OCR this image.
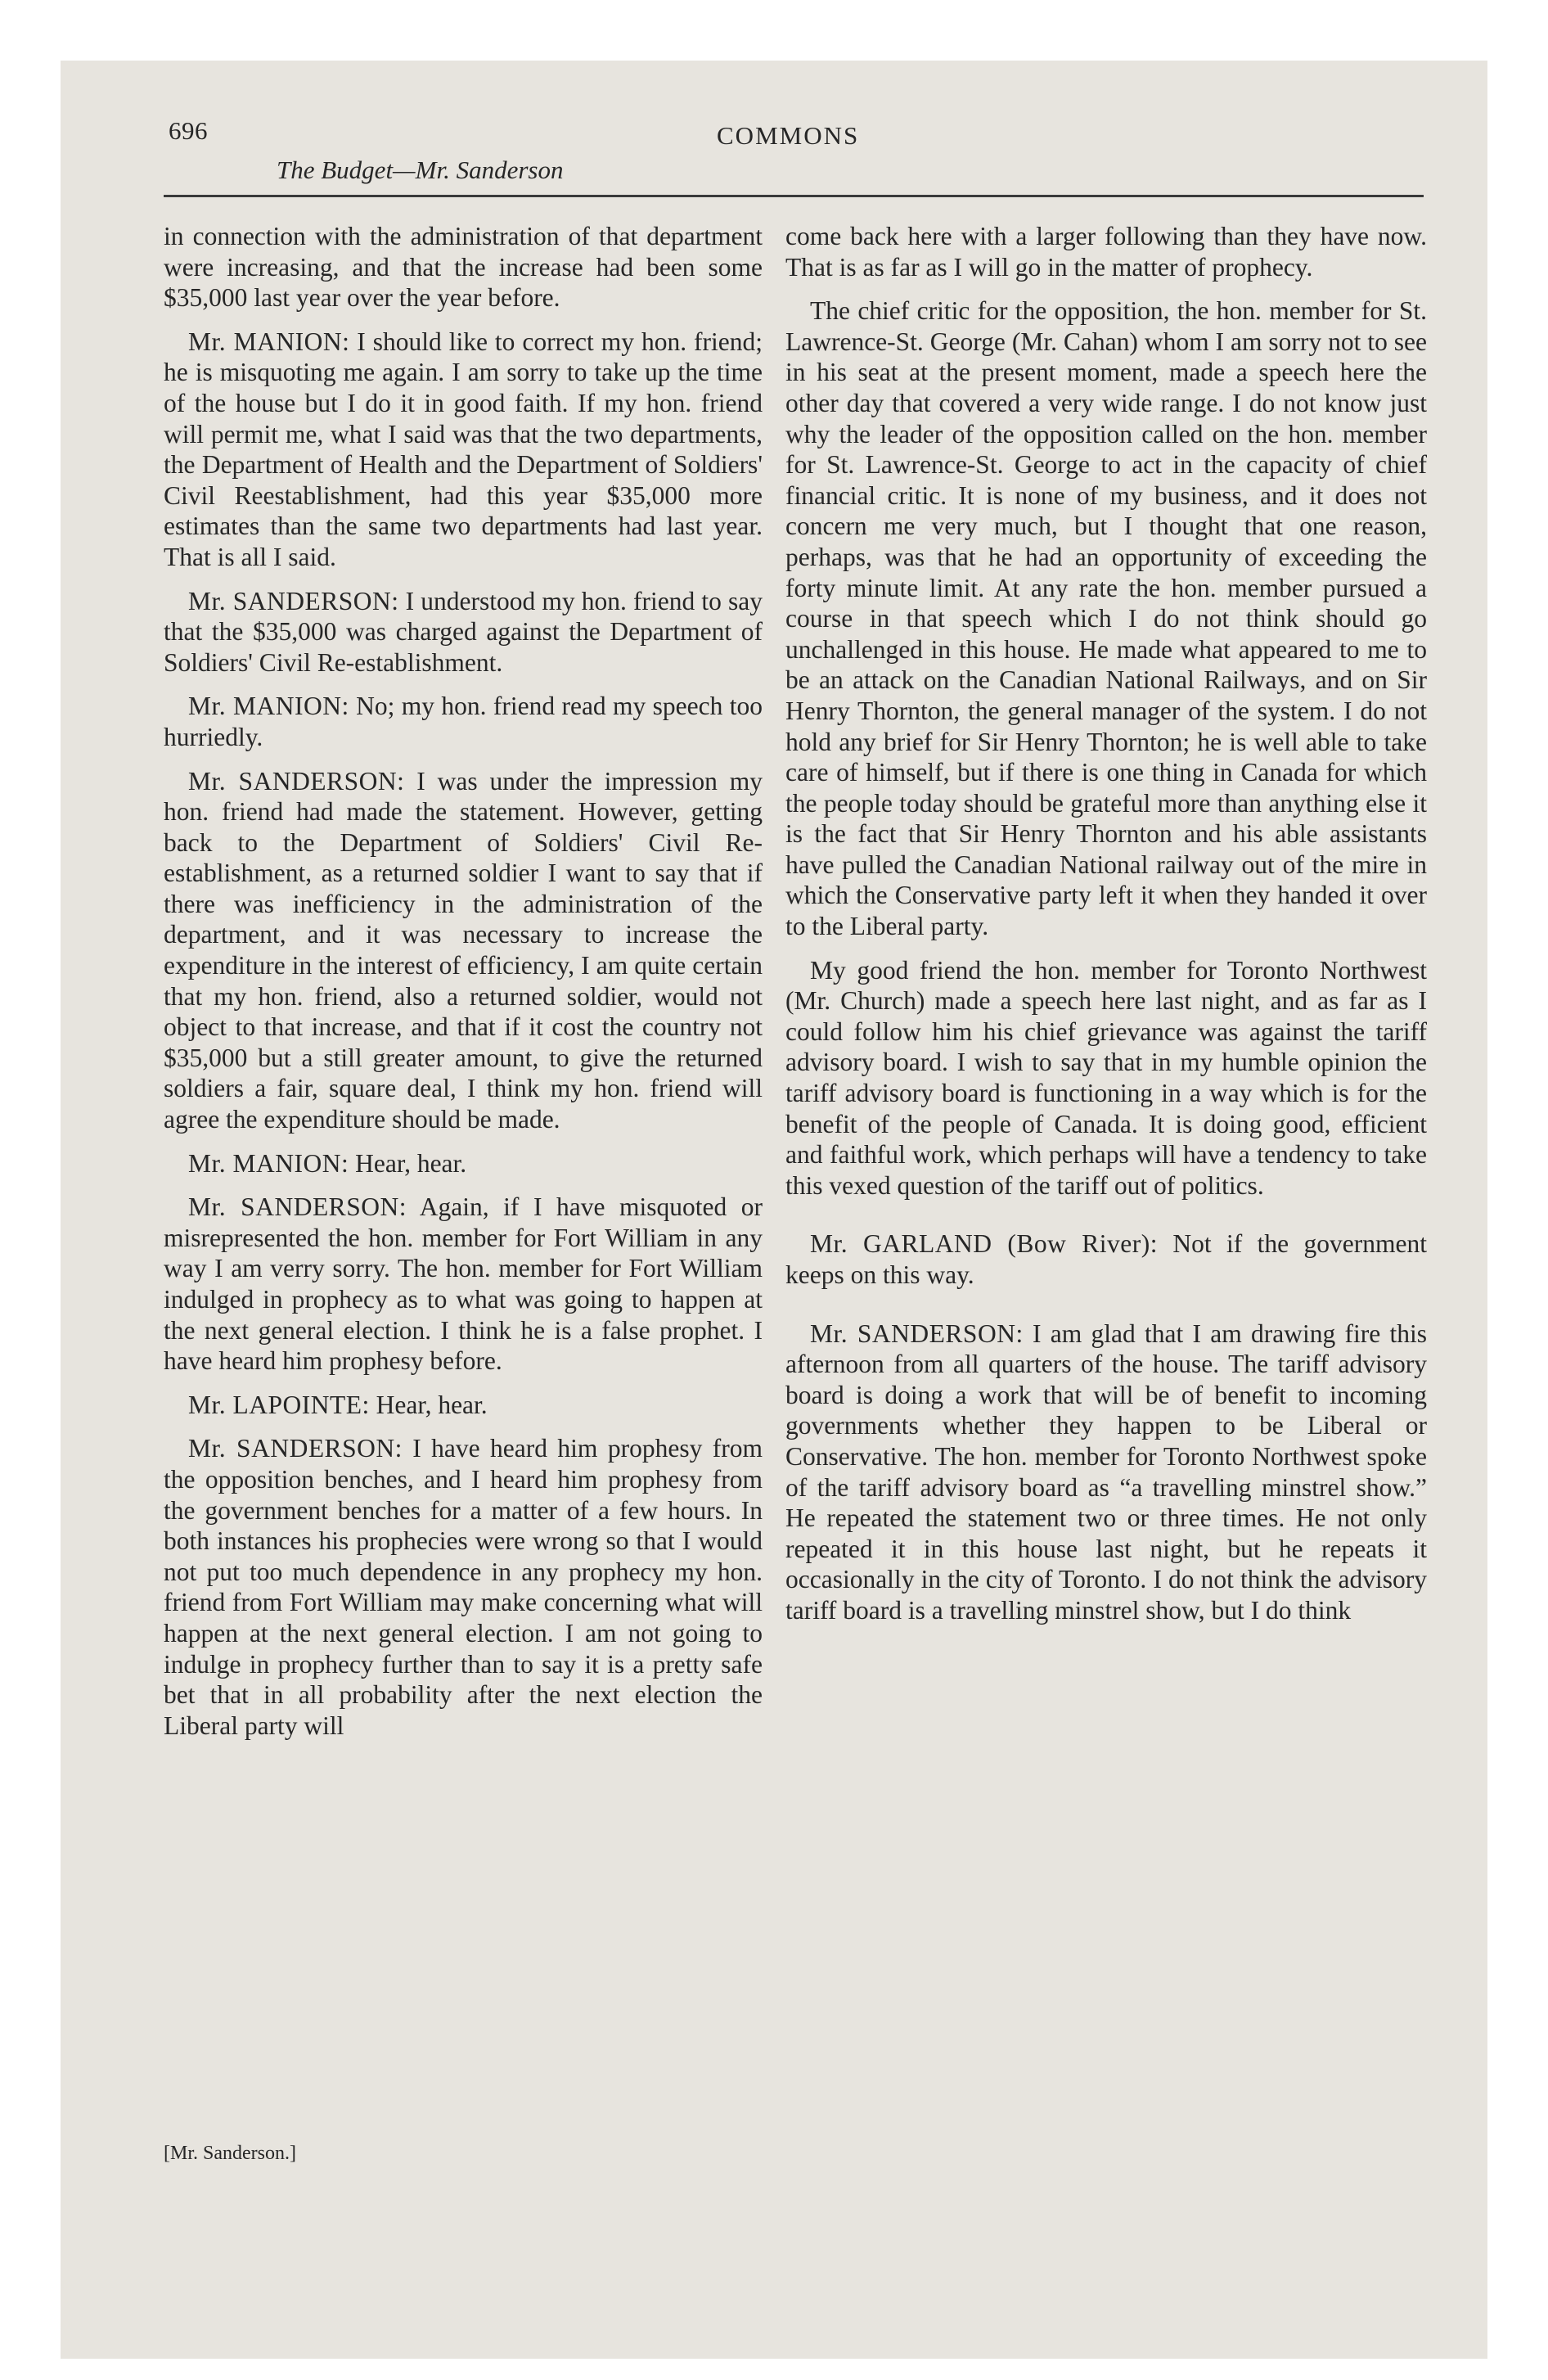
696	COMMONS
The Budget—Mr. Sanderson

in connection with the administration of that department were increasing, and that the increase had been some $35,000 last year over the year before.

Mr. MANION: I should like to correct my hon. friend; he is misquoting me again. I am sorry to take up the time of the house but I do it in good faith. If my hon. friend will permit me, what I said was that the two departments, the Department of Health and the Department of Soldiers' Civil Reestablishment, had this year $35,000 more estimates than the same two departments had last year. That is all I said.

Mr. SANDERSON: I understood my hon. friend to say that the $35,000 was charged against the Department of Soldiers' Civil Re-establishment.

Mr. MANION: No; my hon. friend read my speech too hurriedly.

Mr. SANDERSON: I was under the impression my hon. friend had made the statement. However, getting back to the Department of Soldiers' Civil Re-establishment, as a returned soldier I want to say that if there was inefficiency in the administration of the department, and it was necessary to increase the expenditure in the interest of efficiency, I am quite certain that my hon. friend, also a returned soldier, would not object to that increase, and that if it cost the country not $35,000 but a still greater amount, to give the returned soldiers a fair, square deal, I think my hon. friend will agree the expenditure should be made.

Mr. MANION: Hear, hear.

Mr. SANDERSON: Again, if I have misquoted or misrepresented the hon. member for Fort William in any way I am verry sorry. The hon. member for Fort William indulged in prophecy as to what was going to happen at the next general election. I think he is a false prophet. I have heard him prophesy before.

Mr. LAPOINTE: Hear, hear.

Mr. SANDERSON: I have heard him prophesy from the opposition benches, and I heard him prophesy from the government benches for a matter of a few hours. In both instances his prophecies were wrong so that I would not put too much dependence in any prophecy my hon. friend from Fort William may make concerning what will happen at the next general election. I am not going to indulge in prophecy further than to say it is a pretty safe bet that in all probability after the next election the Liberal party will

come back here with a larger following than they have now. That is as far as I will go in the matter of prophecy.

The chief critic for the opposition, the hon. member for St. Lawrence-St. George (Mr. Cahan) whom I am sorry not to see in his seat at the present moment, made a speech here the other day that covered a very wide range. I do not know just why the leader of the opposition called on the hon. member for St. Lawrence-St. George to act in the capacity of chief financial critic. It is none of my business, and it does not concern me very much, but I thought that one reason, perhaps, was that he had an opportunity of exceeding the forty minute limit. At any rate the hon. member pursued a course in that speech which I do not think should go unchallenged in this house. He made what appeared to me to be an attack on the Canadian National Railways, and on Sir Henry Thornton, the general manager of the system. I do not hold any brief for Sir Henry Thornton; he is well able to take care of himself, but if there is one thing in Canada for which the people today should be grateful more than anything else it is the fact that Sir Henry Thornton and his able assistants have pulled the Canadian National railway out of the mire in which the Conservative party left it when they handed it over to the Liberal party.

My good friend the hon. member for Toronto Northwest (Mr. Church) made a speech here last night, and as far as I could follow him his chief grievance was against the tariff advisory board. I wish to say that in my humble opinion the tariff advisory board is functioning in a way which is for the benefit of the people of Canada. It is doing good, efficient and faithful work, which perhaps will have a tendency to take this vexed question of the tariff out of politics.

Mr. GARLAND (Bow River): Not if the government keeps on this way.

Mr. SANDERSON: I am glad that I am drawing fire this afternoon from all quarters of the house. The tariff advisory board is doing a work that will be of benefit to incoming governments whether they happen to be Liberal or Conservative. The hon. member for Toronto Northwest spoke of the tariff advisory board as “a travelling minstrel show.” He repeated the statement two or three times. He not only repeated it in this house last night, but he repeats it occasionally in the city of Toronto. I do not think the advisory tariff board is a travelling minstrel show, but I do think

[Mr. Sanderson.]
